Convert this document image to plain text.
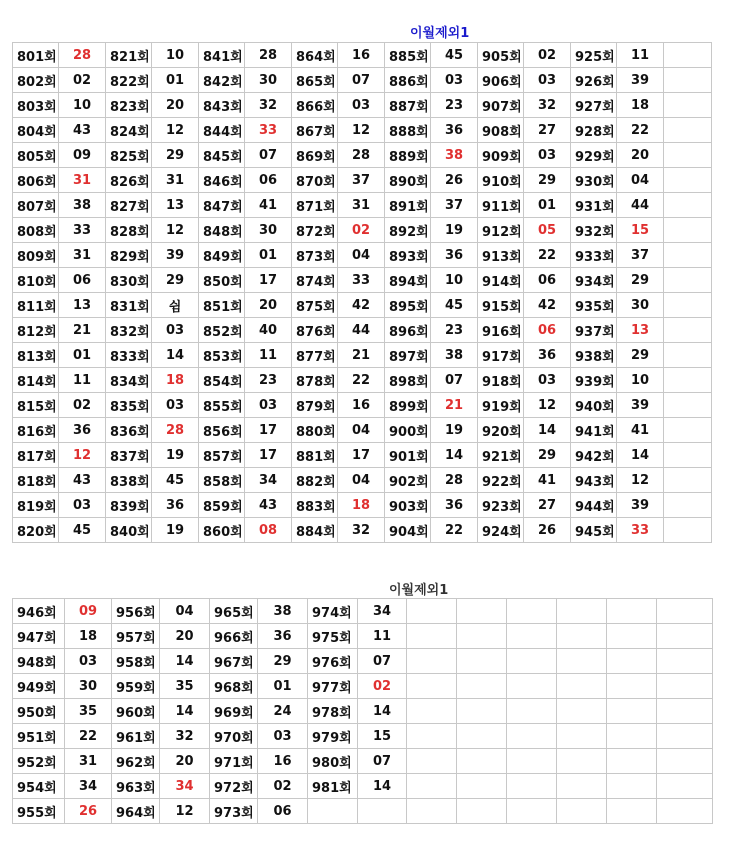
이월제외1
801회	28	821회	10	841회	28	864회	16	885회	45	905회	02	925회	11	
802회	02	822회	01	842회	30	865회	07	886회	03	906회	03	926회	39	
803회	10	823회	20	843회	32	866회	03	887회	23	907회	32	927회	18	
804회	43	824회	12	844회	33	867회	12	888회	36	908회	27	928회	22	
805회	09	825회	29	845회	07	869회	28	889회	38	909회	03	929회	20	
806회	31	826회	31	846회	06	870회	37	890회	26	910회	29	930회	04	
807회	38	827회	13	847회	41	871회	31	891회	37	911회	01	931회	44	
808회	33	828회	12	848회	30	872회	02	892회	19	912회	05	932회	15	
809회	31	829회	39	849회	01	873회	04	893회	36	913회	22	933회	37	
810회	06	830회	29	850회	17	874회	33	894회	10	914회	06	934회	29	
811회	13	831회	쉼	851회	20	875회	42	895회	45	915회	42	935회	30	
812회	21	832회	03	852회	40	876회	44	896회	23	916회	06	937회	13	
813회	01	833회	14	853회	11	877회	21	897회	38	917회	36	938회	29	
814회	11	834회	18	854회	23	878회	22	898회	07	918회	03	939회	10	
815회	02	835회	03	855회	03	879회	16	899회	21	919회	12	940회	39	
816회	36	836회	28	856회	17	880회	04	900회	19	920회	14	941회	41	
817회	12	837회	19	857회	17	881회	17	901회	14	921회	29	942회	14	
818회	43	838회	45	858회	34	882회	04	902회	28	922회	41	943회	12	
819회	03	839회	36	859회	43	883회	18	903회	36	923회	27	944회	39	
820회	45	840회	19	860회	08	884회	32	904회	22	924회	26	945회	33	
이월제외1
946회	09	956회	04	965회	38	974회	34						
947회	18	957회	20	966회	36	975회	11						
948회	03	958회	14	967회	29	976회	07						
949회	30	959회	35	968회	01	977회	02						
950회	35	960회	14	969회	24	978회	14						
951회	22	961회	32	970회	03	979회	15						
952회	31	962회	20	971회	16	980회	07						
954회	34	963회	34	972회	02	981회	14						
955회	26	964회	12	973회	06								
